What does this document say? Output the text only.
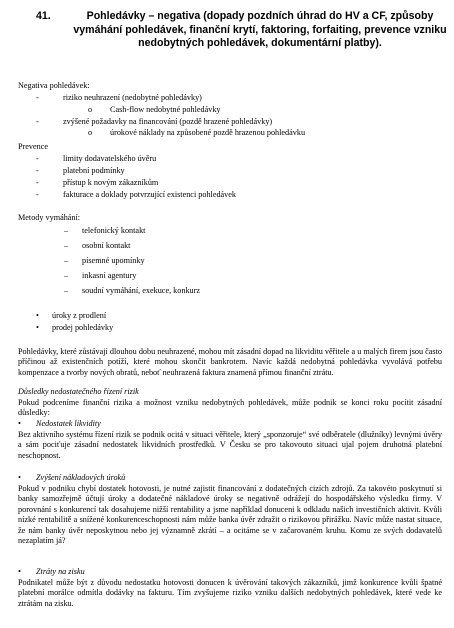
41.	Pohledávky – negativa (dopady pozdních úhrad do HV a CF, způsoby vymáhání pohledávek, finanční krytí, faktoring, forfaiting, prevence vzniku nedobytných pohledávek, dokumentární platby).
Negativa pohledávek:
-	riziko neuhrazení (nedobytné pohledávky)
o Cash-flow nedobytné pohledávky
-	zvýšené požadavky na financování (pozdě hrazené pohledávky)
o úrokové náklady na způsobené pozdě hrazenou pohledávku
Prevence
-	limity dodavatelského úvěru
-	platební podmínky
-	přístup k novým zákazníkům
-	fakturace a doklady potvrzující existenci pohledávek
Metody vymáhání:
– telefonický kontakt
– osobní kontakt
– písemné upomínky
– inkasní agentury
– soudní vymáhání, exekuce, konkurz
• úroky z prodlení
• prodej pohledávky
Pohledávky, které zůstávají dlouhou dobu neuhrazené, mohou mít zásadní dopad na likviditu věřitele a u malých firem jsou často příčinou až existenčních potíží, které mohou skončit bankrotem. Navíc každá nedobytná pohledávka vyvolává potřebu kompenzace a tvorby nových obratů, neboť neuhrazená faktura znamená přímou finanční ztrátu.
Důsledky nedostatečného řízení rizik
Pokud podceníme finanční rizika a možnost vzniku nedobytných pohledávek, může podnik se konci roku pocítit zásadní důsledky:
• Nedostatek likvidity
Bez aktivního systému řízení rizik se podnik ocitá v situaci věřitele, který „sponzoruje“ své odběratele (dlužníky) levnými úvěry a sám pociťuje zásadní nedostatek likvidních prostředků. V Česku se pro takovouto situaci ujal pojem druhotná platební neschopnost.
• Zvýšení nákladových úroků
Pokud v podniku chybí dostatek hotovosti, je nutné zajistit financování z dodatečných cizích zdrojů. Za takovéto poskytnutí si banky samozřejmě účtují úroky a dodatečné nákladové úroky se negativně odrážejí do hospodářského výsledku firmy. V porovnání s konkurencí tak dosahujeme nižší rentability a jsme například donuceni k odkladu našich investičních aktivit. Kvůli nízké rentabilitě a snížené konkurenceschopnosti nám může banka úvěr zdražit o rizikovou přirážku. Navíc může nastat situace, že nám banky úvěr neposkytnou nebo jej významně zkrátí – a ocitáme se v začarovaném kruhu. Komu ze svých dodavatelů nezaplatím já?
• Ztráty na zisku
Podnikatel může být z důvodu nedostatku hotovosti donucen k úvěrování takových zákazníků, jimž konkurence kvůli špatné platební morálce odmítla dodávky na fakturu. Tím zvyšujeme riziko vzniku dalších nedobytných pohledávek, které vede ke ztrátám na zisku.
